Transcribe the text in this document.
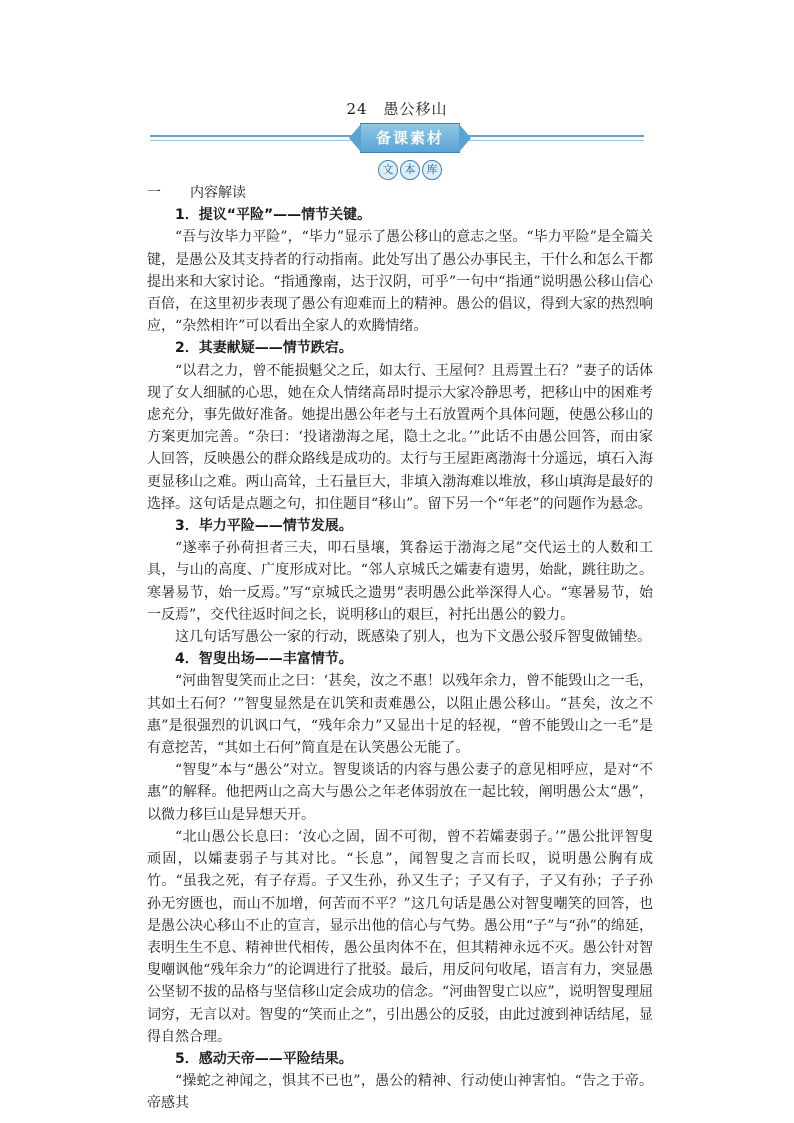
24　愚公移山
备课素材
文	本	库

一 内容解读

1．提议“平险”——情节关键。

“吾与汝毕力平险”，“毕力”显示了愚公移山的意志之坚。“毕力平险”是全篇关键，是愚公及其支持者的行动指南。此处写出了愚公办事民主，干什么和怎么干都提出来和大家讨论。“指通豫南，达于汉阴，可乎”一句中“指通”说明愚公移山信心百倍，在这里初步表现了愚公有迎难而上的精神。愚公的倡议，得到大家的热烈响应，“杂然相许”可以看出全家人的欢腾情绪。

2．其妻献疑——情节跌宕。

“以君之力，曾不能损魁父之丘，如太行、王屋何？且焉置土石？”妻子的话体现了女人细腻的心思，她在众人情绪高昂时提示大家冷静思考，把移山中的困难考虑充分，事先做好准备。她提出愚公年老与土石放置两个具体问题，使愚公移山的方案更加完善。“杂曰：‘投诸渤海之尾，隐土之北。’”此话不由愚公回答，而由家人回答，反映愚公的群众路线是成功的。太行与王屋距离渤海十分遥远，填石入海更显移山之难。两山高耸，土石量巨大，非填入渤海难以堆放，移山填海是最好的选择。这句话是点题之句，扣住题目“移山”。留下另一个“年老”的问题作为悬念。

3．毕力平险——情节发展。

“遂率子孙荷担者三夫，叩石垦壤，箕畚运于渤海之尾”交代运土的人数和工具，与山的高度、广度形成对比。“邻人京城氏之孀妻有遗男，始龀，跳往助之。寒暑易节，始一反焉。”写“京城氏之遗男”表明愚公此举深得人心。“寒暑易节，始一反焉”，交代往返时间之长，说明移山的艰巨，衬托出愚公的毅力。

这几句话写愚公一家的行动，既感染了别人，也为下文愚公驳斥智叟做铺垫。

4．智叟出场——丰富情节。

“河曲智叟笑而止之曰：‘甚矣，汝之不惠！以残年余力，曾不能毁山之一毛，其如土石何？’”智叟显然是在讥笑和责难愚公，以阻止愚公移山。“甚矣，汝之不惠”是很强烈的讥讽口气，“残年余力”又显出十足的轻视，“曾不能毁山之一毛”是有意挖苦，“其如土石何”简直是在认笑愚公无能了。

“智叟”本与“愚公”对立。智叟谈话的内容与愚公妻子的意见相呼应，是对“不惠”的解释。他把两山之高大与愚公之年老体弱放在一起比较，阐明愚公太“愚”，以微力移巨山是异想天开。

“北山愚公长息曰：‘汝心之固，固不可彻，曾不若孀妻弱子。’”愚公批评智叟顽固，以孀妻弱子与其对比。“长息”，闻智叟之言而长叹，说明愚公胸有成竹。“虽我之死，有子存焉。子又生孙，孙又生子；子又有子，子又有孙；子子孙孙无穷匮也，而山不加增，何苦而不平？”这几句话是愚公对智叟嘲笑的回答，也是愚公决心移山不止的宣言，显示出他的信心与气势。愚公用“子”与“孙”的绵延，表明生生不息、精神世代相传，愚公虽肉体不在，但其精神永远不灭。愚公针对智叟嘲讽他“残年余力”的论调进行了批驳。最后，用反问句收尾，语言有力，突显愚公坚韧不拔的品格与坚信移山定会成功的信念。“河曲智叟亡以应”，说明智叟理屈词穷，无言以对。智叟的“笑而止之”，引出愚公的反驳，由此过渡到神话结尾，显得自然合理。

5．感动天帝——平险结果。

“操蛇之神闻之，惧其不已也”，愚公的精神、行动使山神害怕。“告之于帝。帝感其
